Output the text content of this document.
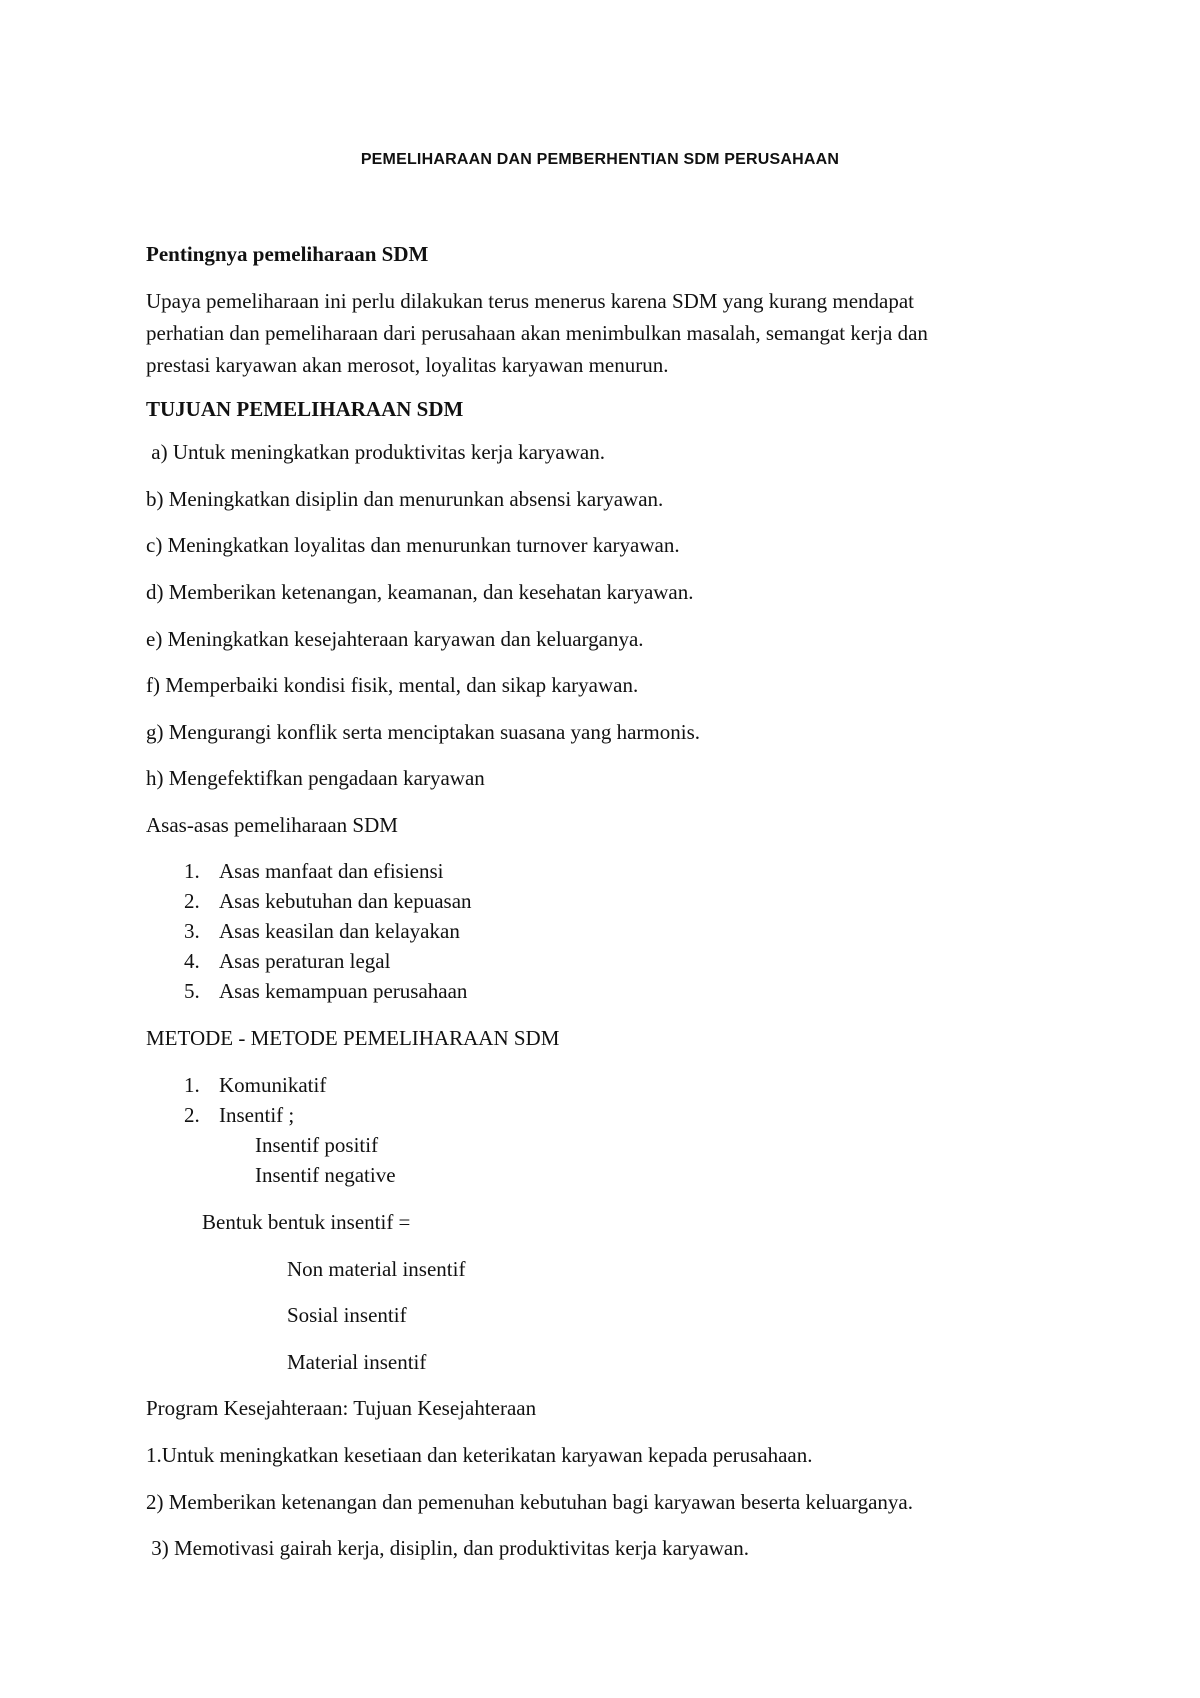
PEMELIHARAAN DAN PEMBERHENTIAN SDM PERUSAHAAN
Pentingnya pemeliharaan SDM

Upaya pemeliharaan ini perlu dilakukan terus menerus karena SDM yang kurang mendapat
perhatian dan pemeliharaan dari perusahaan akan menimbulkan masalah, semangat kerja dan
prestasi karyawan akan merosot, loyalitas karyawan menurun.

TUJUAN PEMELIHARAAN SDM
a) Untuk meningkatkan produktivitas kerja karyawan.
b) Meningkatkan disiplin dan menurunkan absensi karyawan.
c) Meningkatkan loyalitas dan menurunkan turnover karyawan.
d) Memberikan ketenangan, keamanan, dan kesehatan karyawan.
e) Meningkatkan kesejahteraan karyawan dan keluarganya.
f) Memperbaiki kondisi fisik, mental, dan sikap karyawan.
g) Mengurangi konflik serta menciptakan suasana yang harmonis.
h) Mengefektifkan pengadaan karyawan
Asas-asas pemeliharaan SDM
1. Asas manfaat dan efisiensi
2. Asas kebutuhan dan kepuasan
3. Asas keasilan dan kelayakan
4. Asas peraturan legal
5. Asas kemampuan perusahaan
METODE - METODE PEMELIHARAAN SDM
1. Komunikatif
2. Insentif ;
Insentif positif
Insentif negative
Bentuk bentuk insentif =
Non material insentif
Sosial insentif
Material insentif
Program Kesejahteraan: Tujuan Kesejahteraan
1.Untuk meningkatkan kesetiaan dan keterikatan karyawan kepada perusahaan.
2) Memberikan ketenangan dan pemenuhan kebutuhan bagi karyawan beserta keluarganya.
3) Memotivasi gairah kerja, disiplin, dan produktivitas kerja karyawan.
